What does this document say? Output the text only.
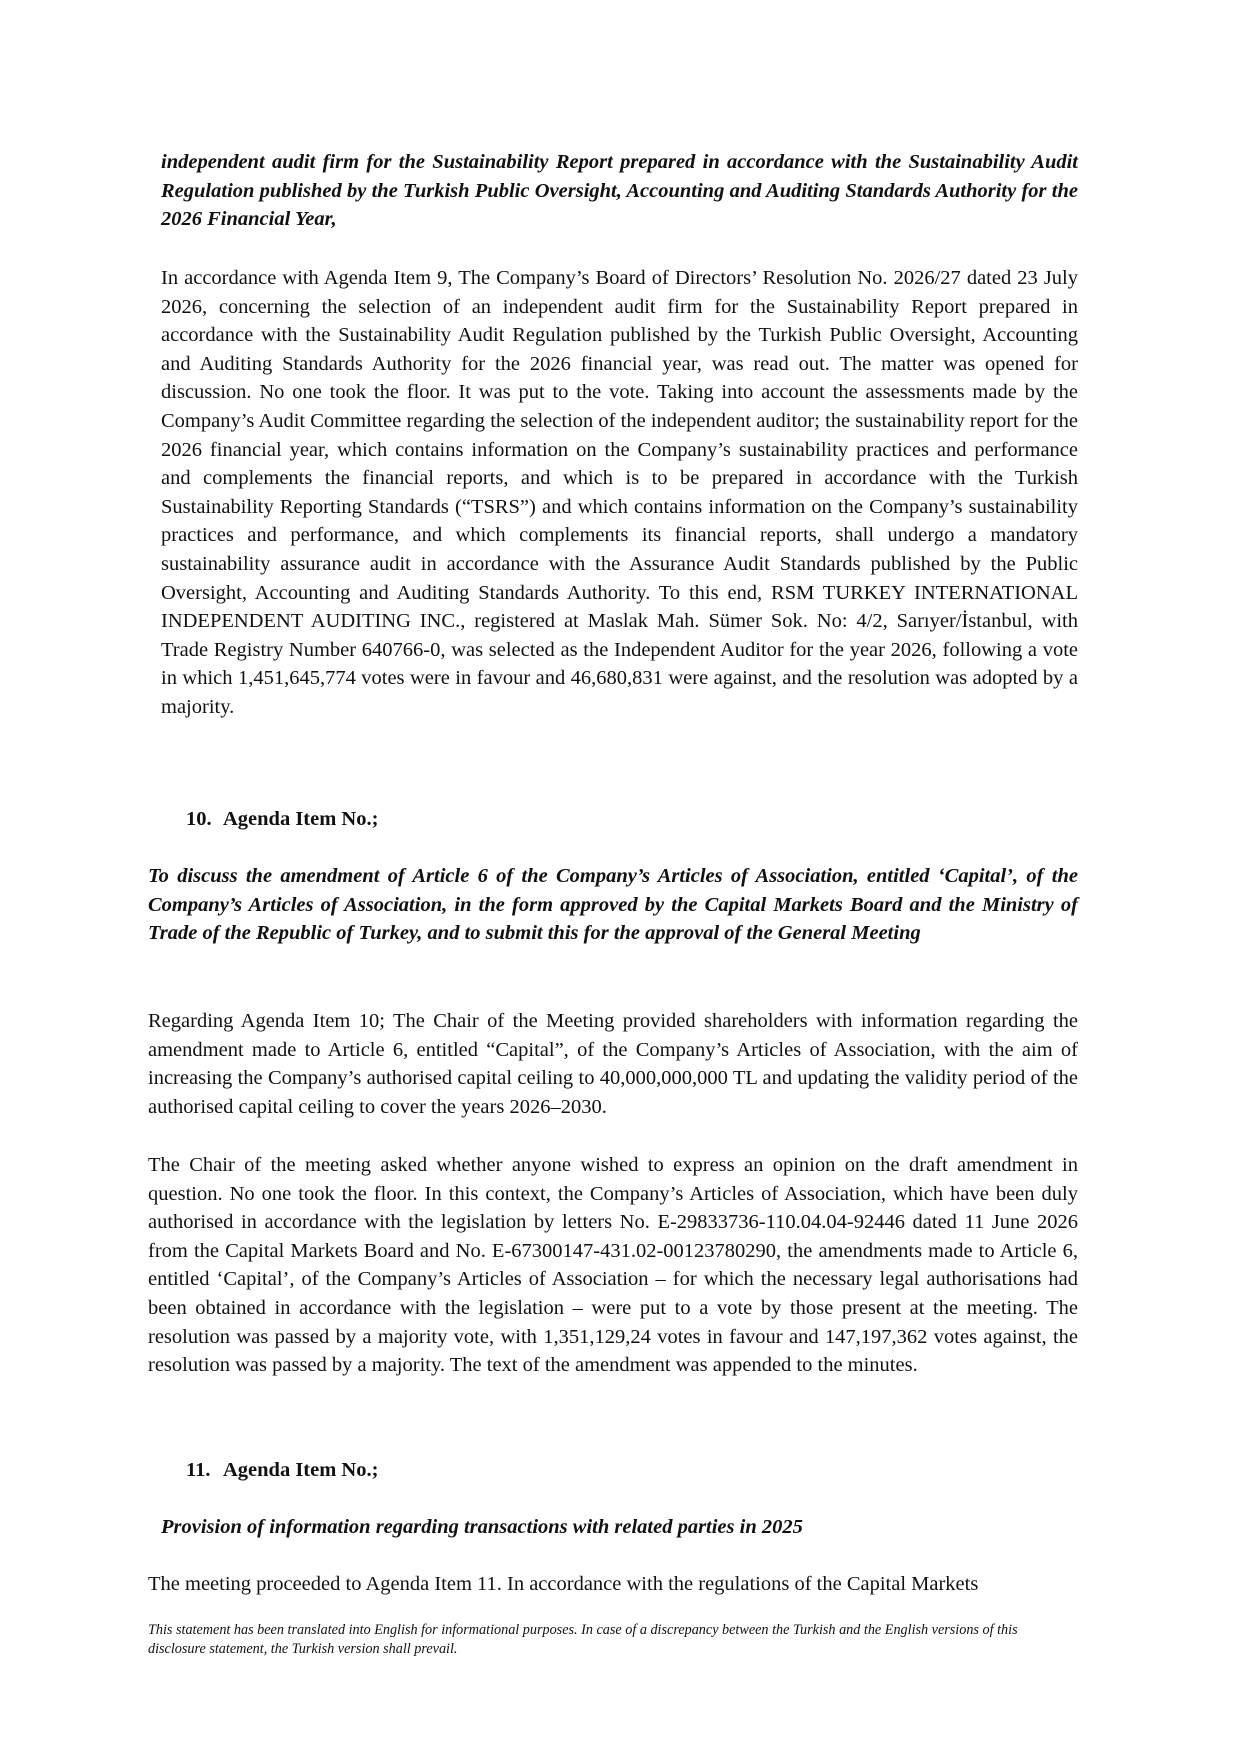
independent audit firm for the Sustainability Report prepared in accordance with the Sustainability Audit Regulation published by the Turkish Public Oversight, Accounting and Auditing Standards Authority for the 2026 Financial Year,
In accordance with Agenda Item 9, The Company’s Board of Directors’ Resolution No. 2026/27 dated 23 July 2026, concerning the selection of an independent audit firm for the Sustainability Report prepared in accordance with the Sustainability Audit Regulation published by the Turkish Public Oversight, Accounting and Auditing Standards Authority for the 2026 financial year, was read out. The matter was opened for discussion. No one took the floor. It was put to the vote. Taking into account the assessments made by the Company’s Audit Committee regarding the selection of the independent auditor; the sustainability report for the 2026 financial year, which contains information on the Company’s sustainability practices and performance and complements the financial reports, and which is to be prepared in accordance with the Turkish Sustainability Reporting Standards (“TSRS”) and which contains information on the Company’s sustainability practices and performance, and which complements its financial reports, shall undergo a mandatory sustainability assurance audit in accordance with the Assurance Audit Standards published by the Public Oversight, Accounting and Auditing Standards Authority. To this end, RSM TURKEY INTERNATIONAL INDEPENDENT AUDITING INC., registered at Maslak Mah. Sümer Sok. No: 4/2, Sarıyer/İstanbul, with Trade Registry Number 640766-0, was selected as the Independent Auditor for the year 2026, following a vote in which 1,451,645,774 votes were in favour and 46,680,831 were against, and the resolution was adopted by a majority.
10. Agenda Item No.;
To discuss the amendment of Article 6 of the Company’s Articles of Association, entitled ‘Capital’, of the Company’s Articles of Association, in the form approved by the Capital Markets Board and the Ministry of Trade of the Republic of Turkey, and to submit this for the approval of the General Meeting
Regarding Agenda Item 10; The Chair of the Meeting provided shareholders with information regarding the amendment made to Article 6, entitled “Capital”, of the Company’s Articles of Association, with the aim of increasing the Company’s authorised capital ceiling to 40,000,000,000 TL and updating the validity period of the authorised capital ceiling to cover the years 2026–2030.
The Chair of the meeting asked whether anyone wished to express an opinion on the draft amendment in question. No one took the floor. In this context, the Company’s Articles of Association, which have been duly authorised in accordance with the legislation by letters No. E-29833736-110.04.04-92446 dated 11 June 2026 from the Capital Markets Board and No. E-67300147-431.02-00123780290, the amendments made to Article 6, entitled ‘Capital’, of the Company’s Articles of Association – for which the necessary legal authorisations had been obtained in accordance with the legislation – were put to a vote by those present at the meeting. The resolution was passed by a majority vote, with 1,351,129,24 votes in favour and 147,197,362 votes against, the resolution was passed by a majority. The text of the amendment was appended to the minutes.
11. Agenda Item No.;
Provision of information regarding transactions with related parties in 2025
The meeting proceeded to Agenda Item 11. In accordance with the regulations of the Capital Markets
This statement has been translated into English for informational purposes. In case of a discrepancy between the Turkish and the English versions of this disclosure statement, the Turkish version shall prevail.
